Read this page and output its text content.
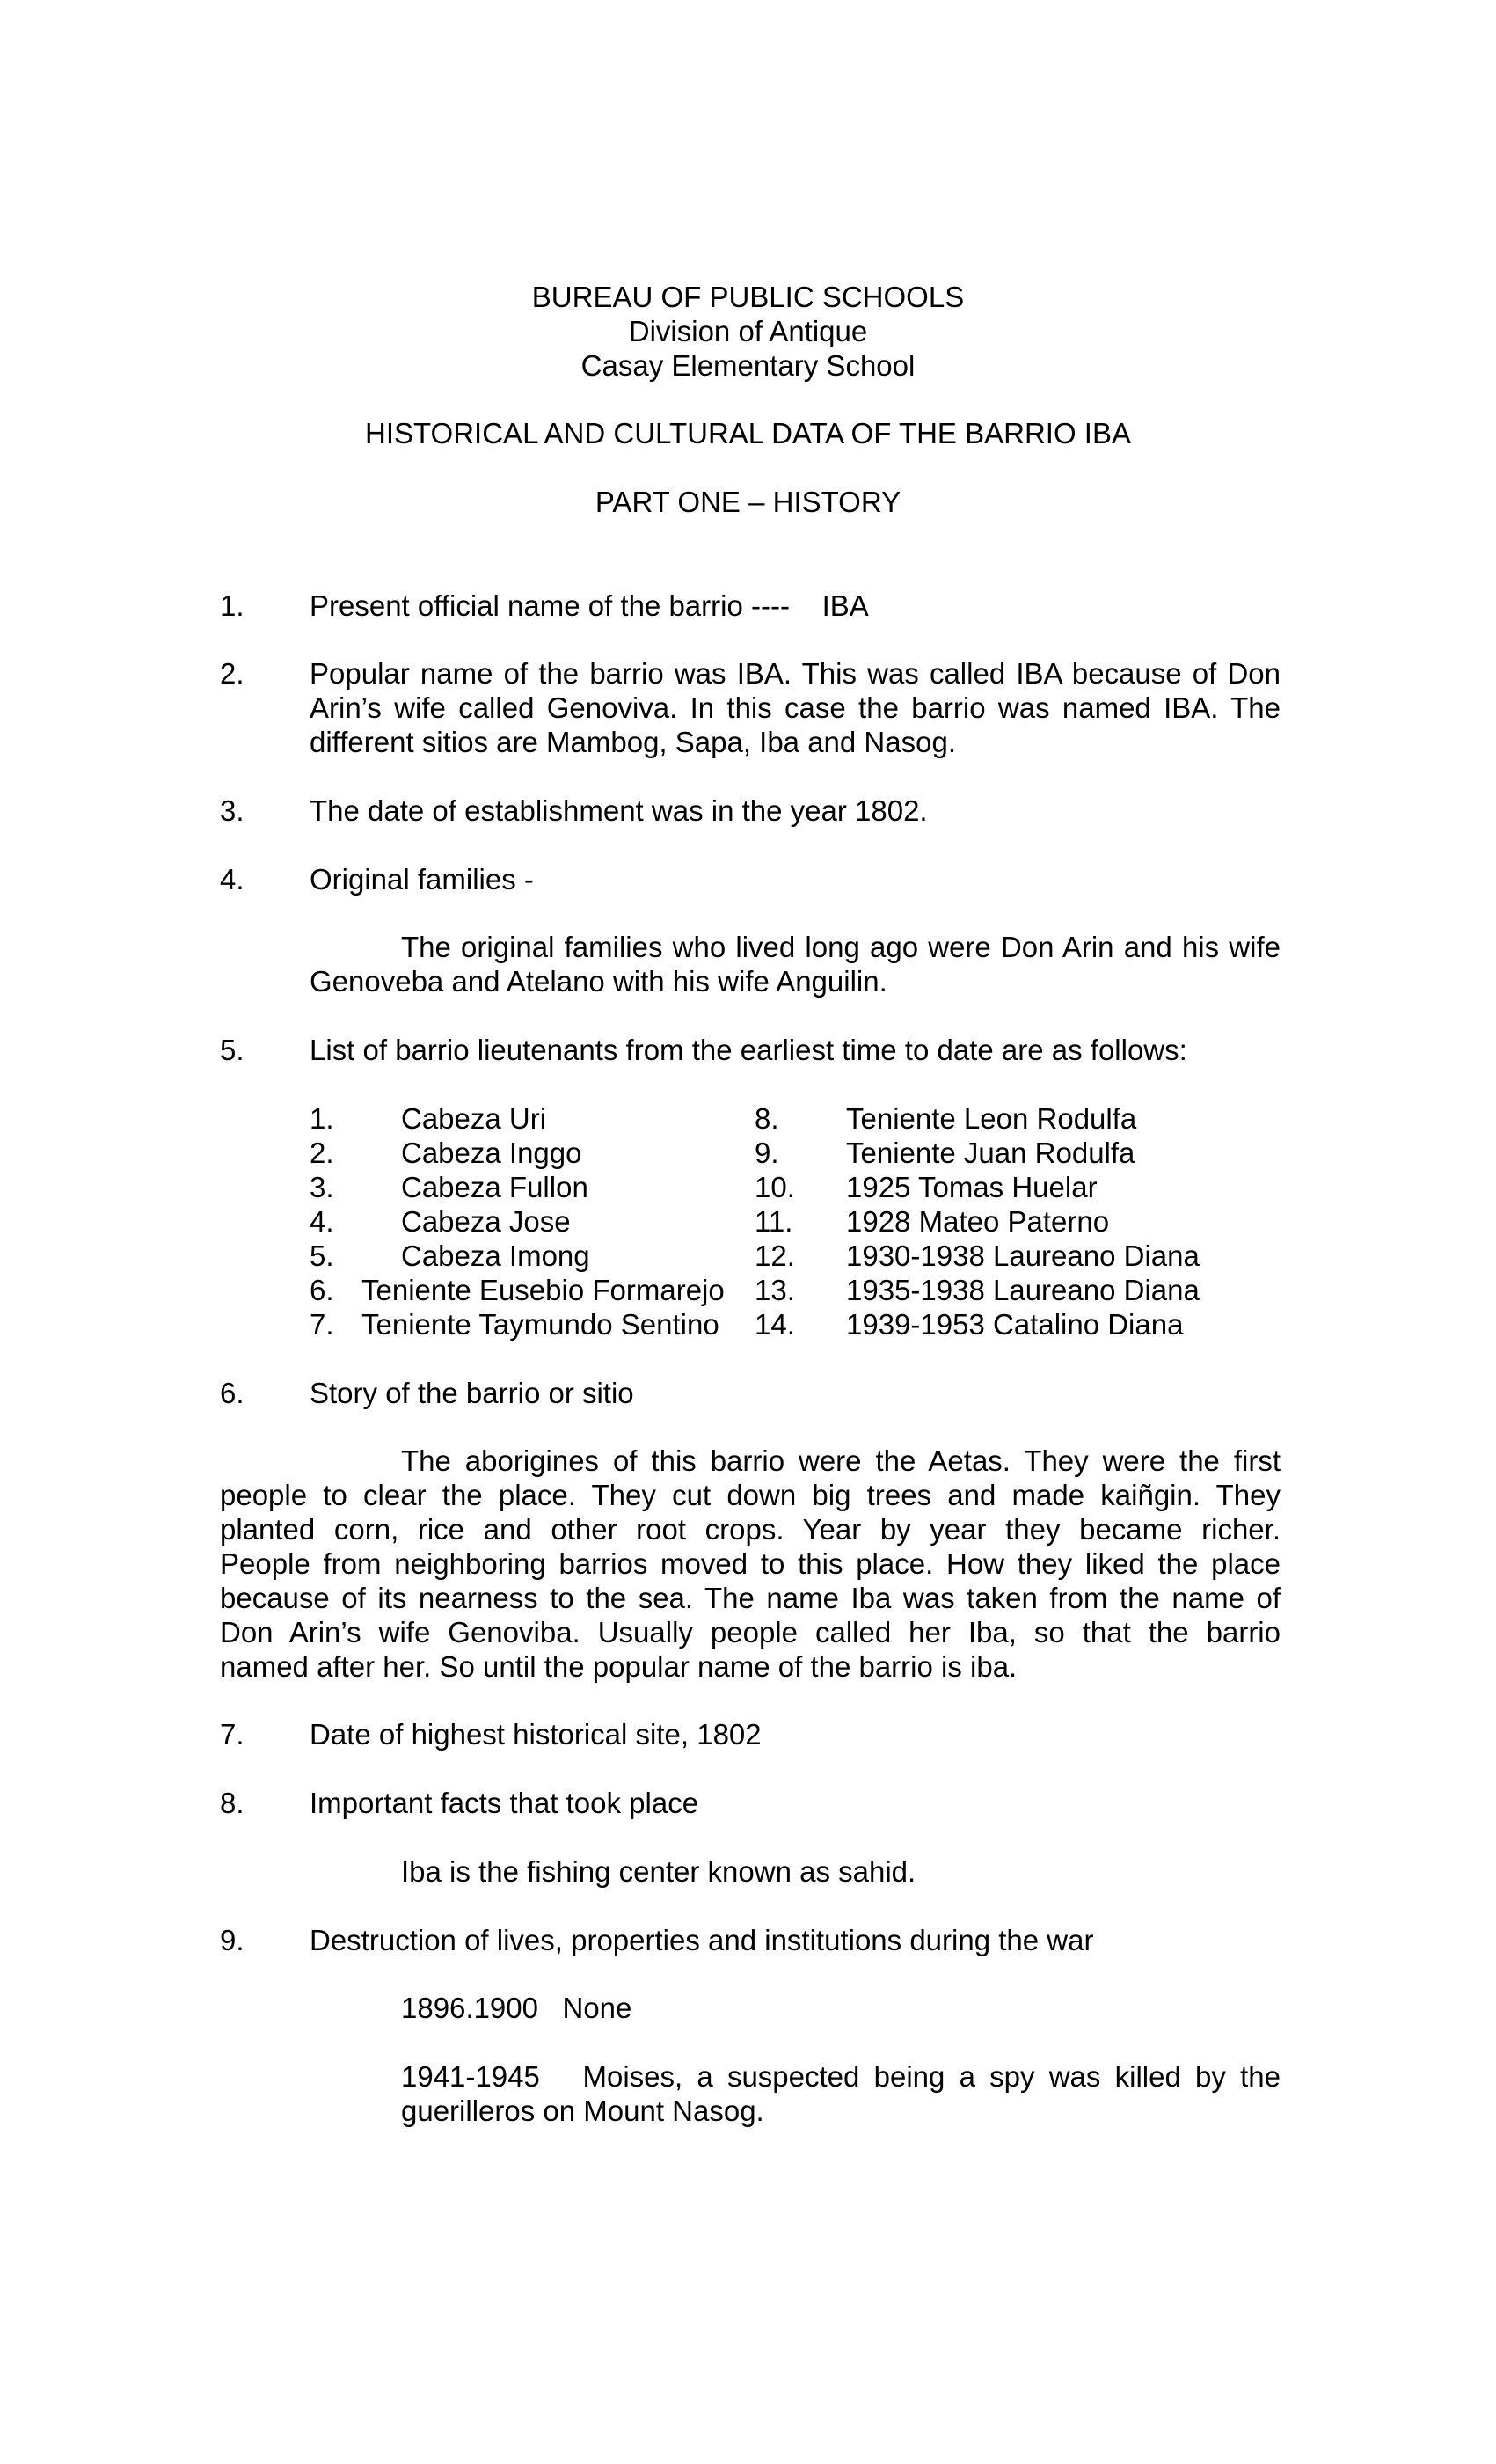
BUREAU OF PUBLIC SCHOOLS
Division of Antique
Casay Elementary School
HISTORICAL AND CULTURAL DATA OF THE BARRIO IBA
PART ONE – HISTORY
1. Present official name of the barrio ----    IBA
2. Popular name of the barrio was IBA. This was called IBA because of Don
Arin’s wife called Genoviva. In this case the barrio was named IBA. The
different sitios are Mambog, Sapa, Iba and Nasog.
3. The date of establishment was in the year 1802.
4. Original families -
The original families who lived long ago were Don Arin and his wife
Genoveba and Atelano with his wife Anguilin.
5. List of barrio lieutenants from the earliest time to date are as follows:
1. Cabeza Uri
2. Cabeza Inggo
3. Cabeza Fullon
4. Cabeza Jose
5. Cabeza Imong
6. Teniente Eusebio Formarejo
7. Teniente Taymundo Sentino
8. Teniente Leon Rodulfa
9. Teniente Juan Rodulfa
10. 1925 Tomas Huelar
11. 1928 Mateo Paterno
12. 1930-1938 Laureano Diana
13. 1935-1938 Laureano Diana
14. 1939-1953 Catalino Diana
6. Story of the barrio or sitio
The aborigines of this barrio were the Aetas. They were the first
people to clear the place. They cut down big trees and made kaiñgin. They
planted corn, rice and other root crops. Year by year they became richer.
People from neighboring barrios moved to this place. How they liked the place
because of its nearness to the sea. The name Iba was taken from the name of
Don Arin’s wife Genoviba. Usually people called her Iba, so that the barrio
named after her. So until the popular name of the barrio is iba.
7. Date of highest historical site, 1802
8. Important facts that took place
Iba is the fishing center known as sahid.
9. Destruction of lives, properties and institutions during the war
1896.1900   None
1941-1945   Moises, a suspected being a spy was killed by the
guerilleros on Mount Nasog.
